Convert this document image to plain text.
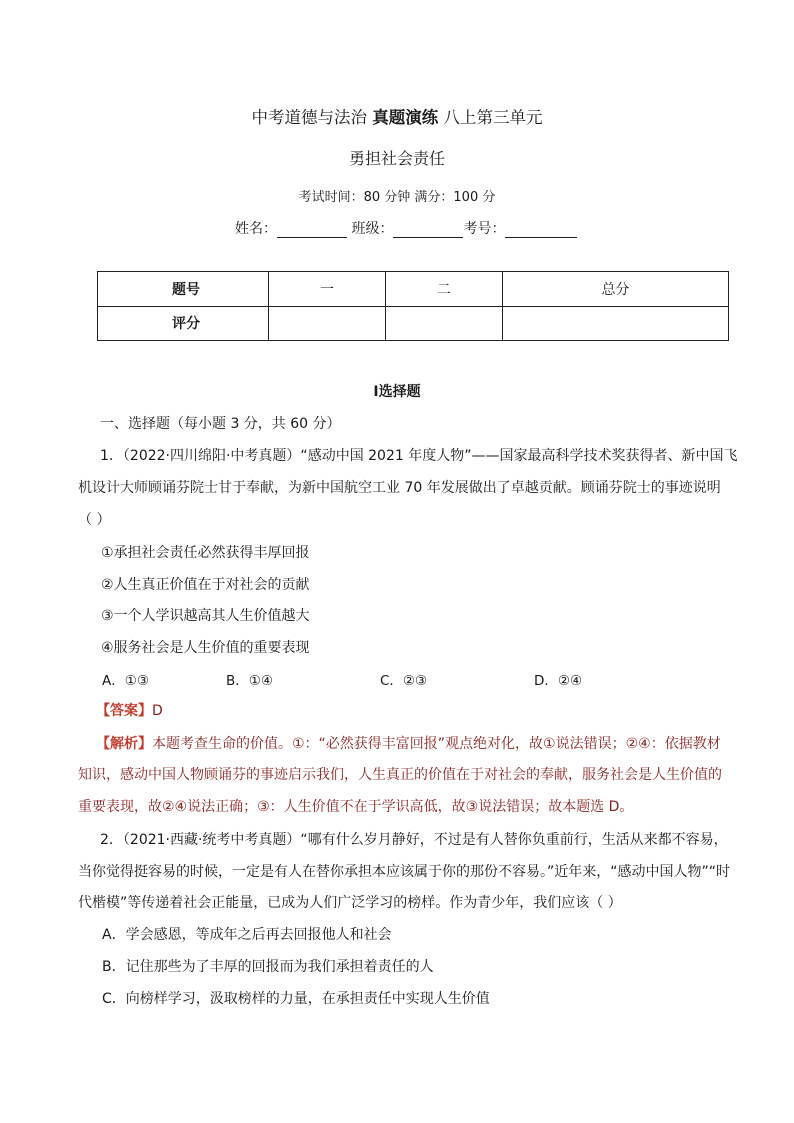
中考道德与法治 真题演练 八上第三单元
勇担社会责任
考试时间：80 分钟 满分：100 分
姓名：	班级：	考号：
题号	一	二	总分
评分			
Ⅰ选择题
一、选择题（每小题 3 分，共 60 分）
1．（2022·四川绵阳·中考真题）“感动中国 2021 年度人物”——国家最高科学技术奖获得者、新中国飞
机设计大师顾诵芬院士甘于奉献，为新中国航空工业 70 年发展做出了卓越贡献。顾诵芬院士的事迹说明
（ ）
①承担社会责任必然获得丰厚回报
②人生真正价值在于对社会的贡献
③一个人学识越高其人生价值越大
④服务社会是人生价值的重要表现
A．①③	B．①④	C．②③	D．②④
【答案】D
【解析】本题考查生命的价值。①：“必然获得丰富回报”观点绝对化，故①说法错误；②④：依据教材
知识，感动中国人物顾诵芬的事迹启示我们，人生真正的价值在于对社会的奉献，服务社会是人生价值的
重要表现，故②④说法正确；③：人生价值不在于学识高低，故③说法错误；故本题选 D。
2．（2021·西藏·统考中考真题）“哪有什么岁月静好，不过是有人替你负重前行，生活从来都不容易，
当你觉得挺容易的时候，一定是有人在替你承担本应该属于你的那份不容易。”近年来，“感动中国人物”“时
代楷模”等传递着社会正能量，已成为人们广泛学习的榜样。作为青少年，我们应该（ ）
A．学会感恩，等成年之后再去回报他人和社会
B．记住那些为了丰厚的回报而为我们承担着责任的人
C．向榜样学习，汲取榜样的力量，在承担责任中实现人生价值
